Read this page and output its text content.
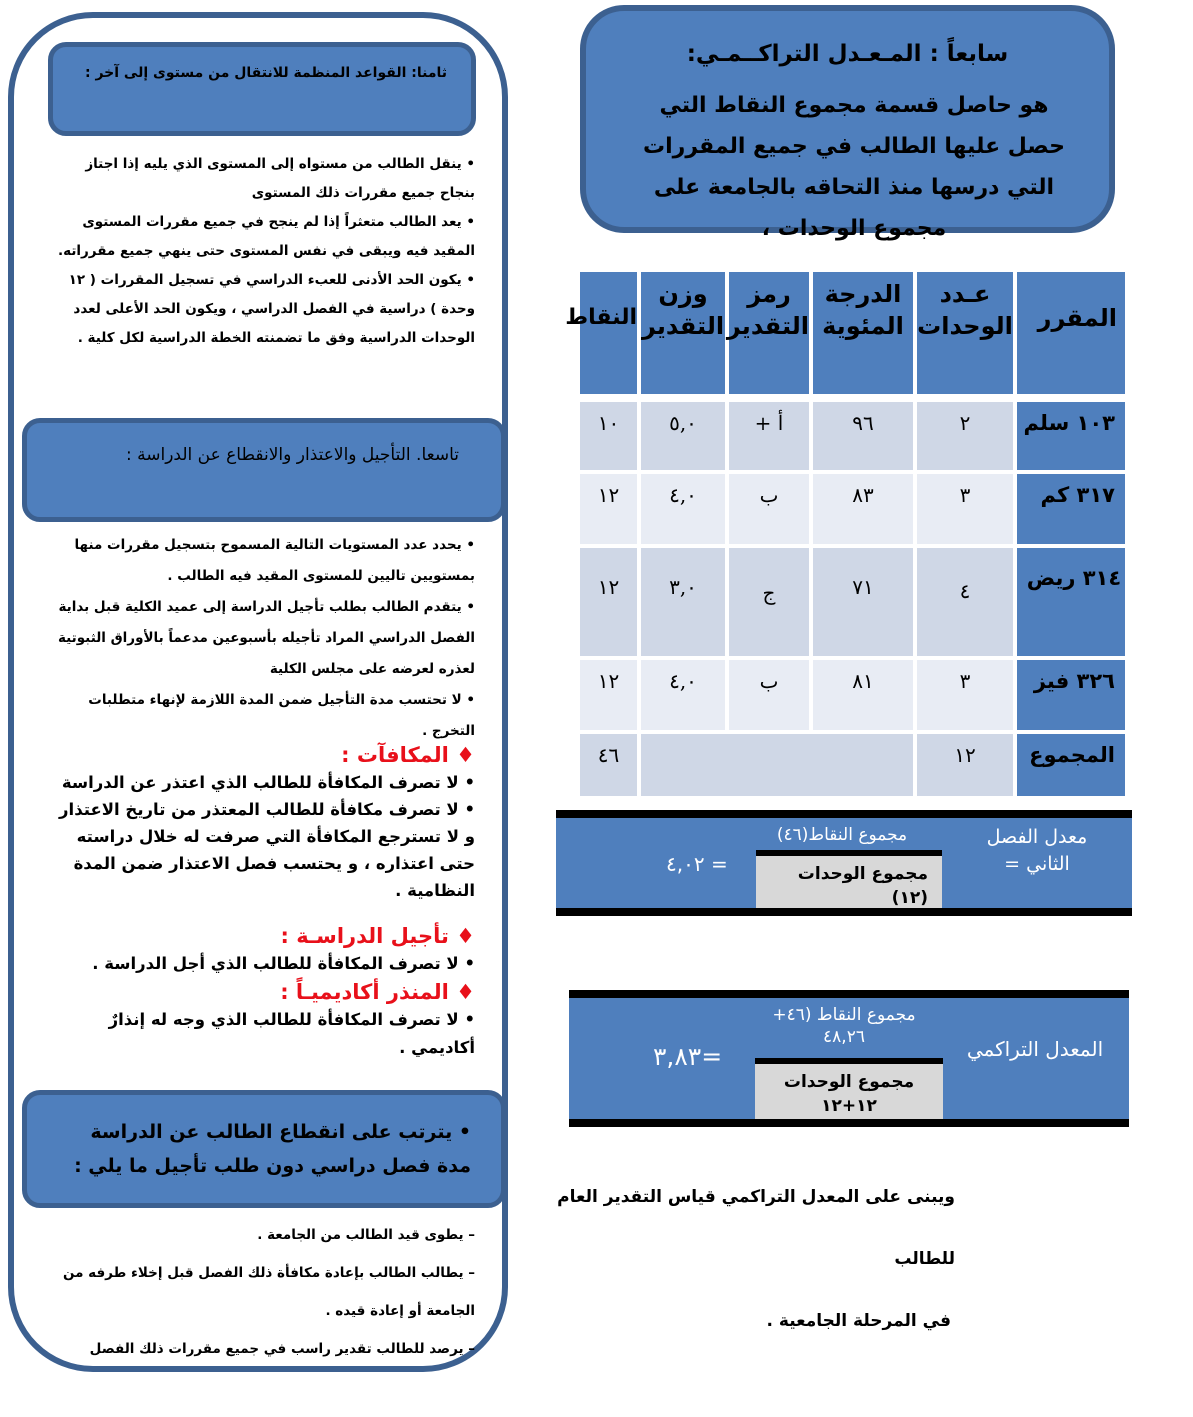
ثامنا: القواعد المنظمة للانتقال من مستوى إلى آخر :

• ينقل الطالب من مستواه إلى المستوى الذي يليه إذا اجتاز بنجاح جميع مقررات ذلك المستوى

• يعد الطالب متعثراً إذا لم ينجح في جميع مقررات المستوى المقيد فيه ويبقى في نفس المستوى حتى ينهي جميع مقرراته.

• يكون الحد الأدنى للعبء الدراسي في تسجيل المقررات ( ١٢ وحدة ) دراسية في الفصل الدراسي ، ويكون الحد الأعلى لعدد الوحدات الدراسية وفق ما تضمنته الخطة الدراسية لكل كلية .

تاسعا. التأجيل والاعتذار والانقطاع عن الدراسة :

• يحدد عدد المستويات التالية المسموح بتسجيل مقررات منها بمستويين تاليين للمستوى المقيد فيه الطالب .

• يتقدم الطالب بطلب تأجيل الدراسة إلى عميد الكلية قبل بداية الفصل الدراسي المراد تأجيله بأسبوعين مدعماً بالأوراق الثبوتية لعذره لعرضه على مجلس الكلية

• لا تحتسب مدة التأجيل ضمن المدة اللازمة لإنهاء متطلبات التخرج .

♦ المكافآت :

• لا تصرف المكافأة للطالب الذي اعتذر عن الدراسة

• لا تصرف مكافأة للطالب المعتذر من تاريخ الاعتذار و لا تسترجع المكافأة التي صرفت له خلال دراسته حتى اعتذاره ، و يحتسب فصل الاعتذار ضمن المدة النظامية .

♦ تأجيل الدراسـة :

• لا تصرف المكافأة للطالب الذي أجل الدراسة .

♦ المنذر أكاديميـاً :

• لا تصرف المكافأة للطالب الذي وجه له إنذارٌ أكاديمي .

• يترتب على انقطاع الطالب عن الدراسة مدة فصل دراسي دون طلب تأجيل ما يلي :

– يطوى قيد الطالب من الجامعة .

– يطالب الطالب بإعادة مكافأة ذلك الفصل قبل إخلاء طرفه من الجامعة أو إعادة قيده .

– يرصد للطالب تقدير راسب في جميع مقررات ذلك الفصل

سابعاً : المـعـدل التراكــمـي:
هو حاصل قسمة مجموع النقاط التي حصل عليها الطالب في جميع المقررات التي درسها منذ التحاقه بالجامعة على مجموع الوحدات ،
المقرر
عـدد الوحدات
الدرجة المئوية
رمز التقدير
وزن التقدير
النقاط
١٠٣ سلم
٢
٩٦
أ +
٥,٠
١٠
٣١٧ كم
٣
٨٣
ب
٤,٠
١٢
٣١٤ ريض
٤
٧١
ج
٣,٠
١٢
٣٢٦ فيز
٣
٨١
ب
٤,٠
١٢
المجموع
١٢
٤٦
معدل الفصل الثاني =
مجموع النقاط(٤٦)
مجموع الوحدات (١٢)
= ٤,٠٢
المعدل التراكمي
مجموع النقاط (٤٦+ ٤٨,٢٦
مجموع الوحدات ١٢+١٢
=٣,٨٣
ويبنى على المعدل التراكمي قياس التقدير العام للطالب
في المرحلة الجامعية .
